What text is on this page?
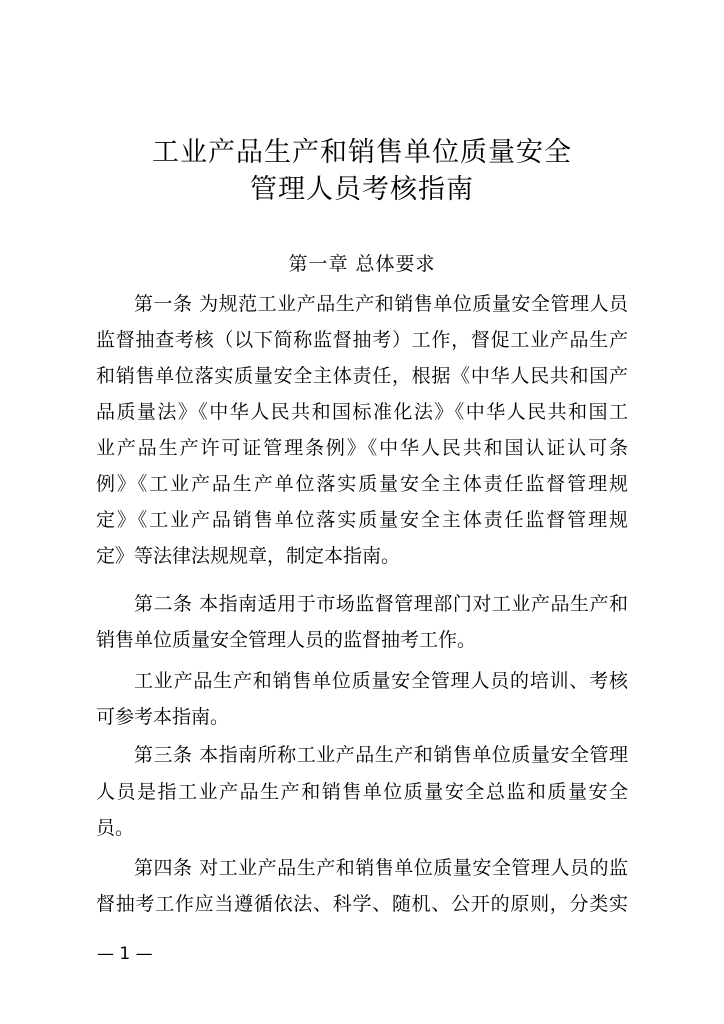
工业产品生产和销售单位质量安全
管理人员考核指南
第一章 总体要求
第一条 为规范工业产品生产和销售单位质量安全管理人员
监督抽查考核（以下简称监督抽考）工作，督促工业产品生产
和销售单位落实质量安全主体责任，根据《中华人民共和国产
品质量法》《中华人民共和国标准化法》《中华人民共和国工
业产品生产许可证管理条例》《中华人民共和国认证认可条
例》《工业产品生产单位落实质量安全主体责任监督管理规
定》《工业产品销售单位落实质量安全主体责任监督管理规
定》等法律法规规章，制定本指南。
第二条 本指南适用于市场监督管理部门对工业产品生产和
销售单位质量安全管理人员的监督抽考工作。
工业产品生产和销售单位质量安全管理人员的培训、考核
可参考本指南。
第三条 本指南所称工业产品生产和销售单位质量安全管理
人员是指工业产品生产和销售单位质量安全总监和质量安全
员。
第四条 对工业产品生产和销售单位质量安全管理人员的监
督抽考工作应当遵循依法、科学、随机、公开的原则，分类实
— 1 —
